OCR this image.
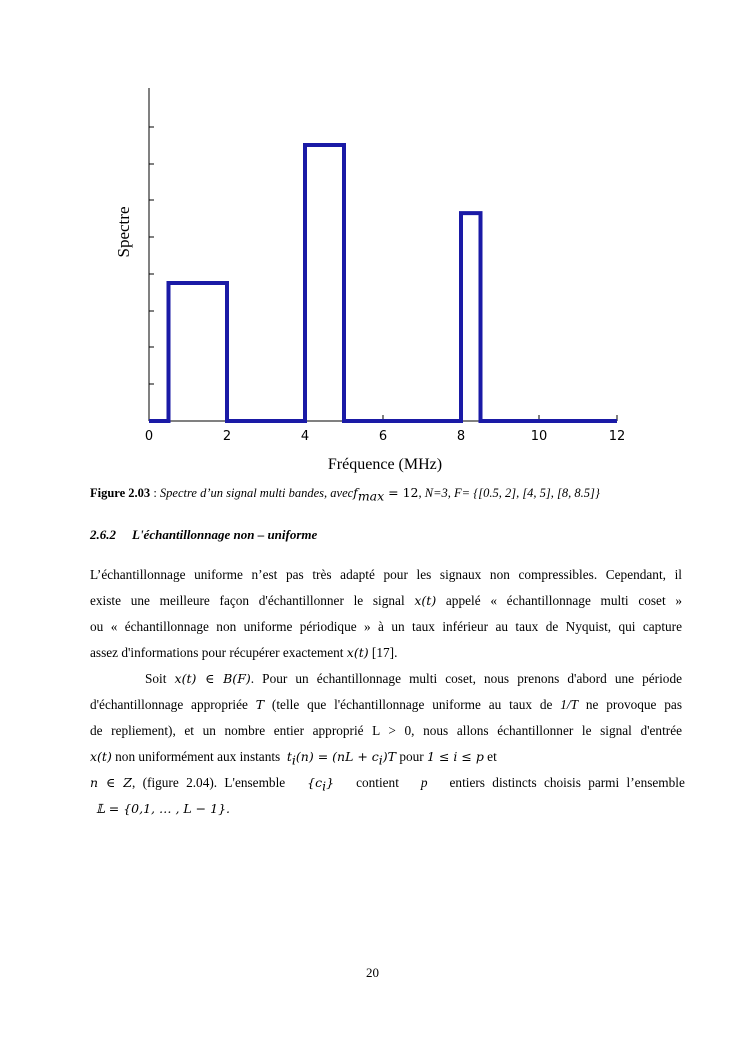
0	2	4	6	8	10	12
Spectre
Fréquence (MHz)
Figure 2.03 : Spectre d’un signal multi bandes, avecf$_{max}$ = 12, N=3, F= {[0.5, 2], [4, 5], [8, 8.5]}
2.6.2 L'échantillonnage non – uniforme
L’échantillonnage uniforme n’est pas très adapté pour les signaux non compressibles. Cependant, il
existe une meilleure façon d'échantillonner le signal x(t) appelé « échantillonnage multi coset »
ou « échantillonnage non uniforme périodique » à un taux inférieur au taux de Nyquist, qui capture
assez d'informations pour récupérer exactement x(t) [17].
Soit x(t) ∈ B(F). Pour un échantillonnage multi coset, nous prenons d'abord une période
d'échantillonnage appropriée T (telle que l'échantillonnage uniforme au taux de 1/T ne provoque pas
de repliement), et un nombre entier approprié L > 0, nous allons échantillonner le signal d'entrée
x(t) non uniformément aux instants $t_i(n) = (nL + c_i)T$ pour 1 ≤ i ≤ p et
n ∈ Z, (figure 2.04). L'ensemble $\{c_i\}$ contient p entiers distincts choisis parmi l’ensemble
𝕃 = {0,1, … , L − 1}.
20
